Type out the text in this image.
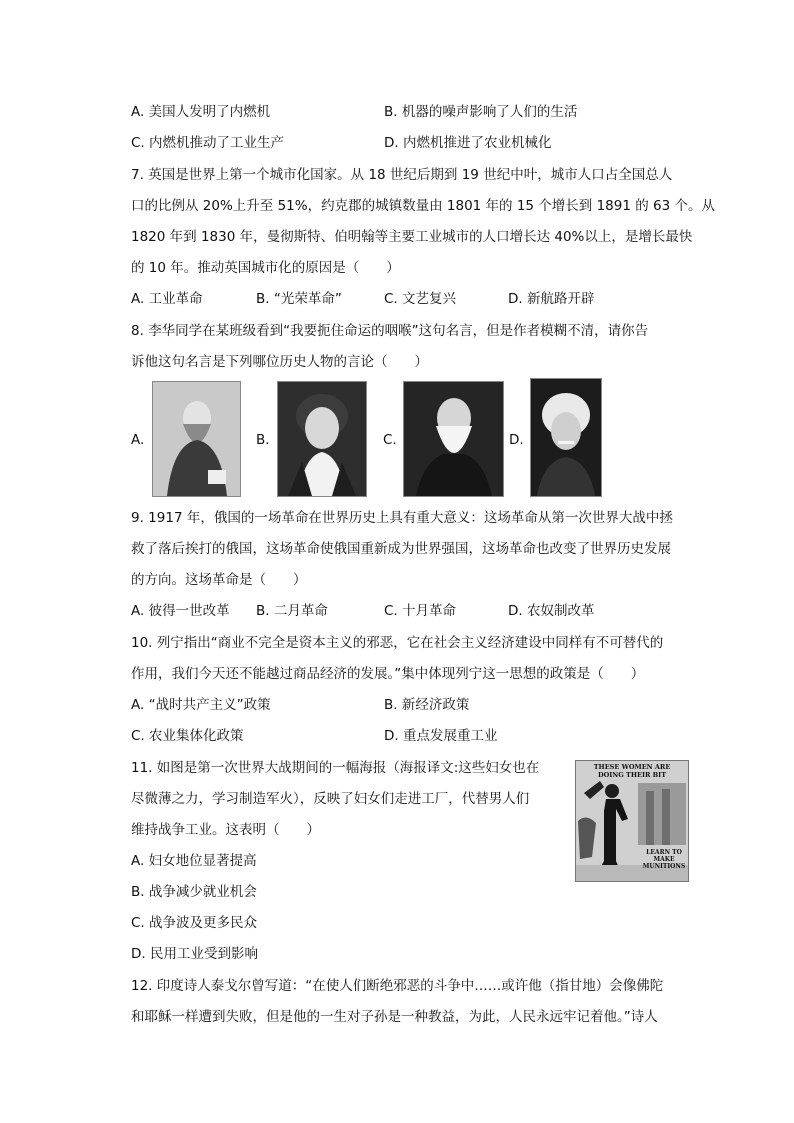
A. 美国人发明了内燃机	B. 机器的噪声影响了人们的生活
C. 内燃机推动了工业生产	D. 内燃机推进了农业机械化
7. 英国是世界上第一个城市化国家。从 18 世纪后期到 19 世纪中叶，城市人口占全国总人
口的比例从 20%上升至 51%，约克郡的城镇数量由 1801 年的 15 个增长到 1891 的 63 个。从
1820 年到 1830 年，曼彻斯特、伯明翰等主要工业城市的人口增长达 40%以上，是增长最快
的 10 年。推动英国城市化的原因是（　　）
A. 工业革命	B. “光荣革命”	C. 文艺复兴	D. 新航路开辟
8. 李华同学在某班级看到“我要扼住命运的咽喉”这句名言，但是作者模糊不清，请你告
诉他这句名言是下列哪位历史人物的言论（　　）
A.	B.	C.	D.
9. 1917 年，俄国的一场革命在世界历史上具有重大意义：这场革命从第一次世界大战中拯
救了落后挨打的俄国，这场革命使俄国重新成为世界强国，这场革命也改变了世界历史发展
的方向。这场革命是（　　）
A. 彼得一世改革 B. 二月革命	C. 十月革命	D. 农奴制改革
10. 列宁指出“商业不完全是资本主义的邪恶，它在社会主义经济建设中同样有不可替代的
作用，我们今天还不能越过商品经济的发展。”集中体现列宁这一思想的政策是（　　）
A. “战时共产主义”政策	B. 新经济政策
C. 农业集体化政策	D. 重点发展重工业
11. 如图是第一次世界大战期间的一幅海报（海报译文:这些妇女也在
尽微薄之力，学习制造军火），反映了妇女们走进工厂，代替男人们
维持战争工业。这表明（　　）
A. 妇女地位显著提高
B. 战争减少就业机会
C. 战争波及更多民众
D. 民用工业受到影响
THESE WOMEN ARE
DOING THEIR BIT
LEARN TO
MAKE
MUNITIONS
12. 印度诗人泰戈尔曾写道：“在使人们断绝邪恶的斗争中……或许他（指甘地）会像佛陀
和耶稣一样遭到失败，但是他的一生对子孙是一种教益，为此，人民永远牢记着他。”诗人
